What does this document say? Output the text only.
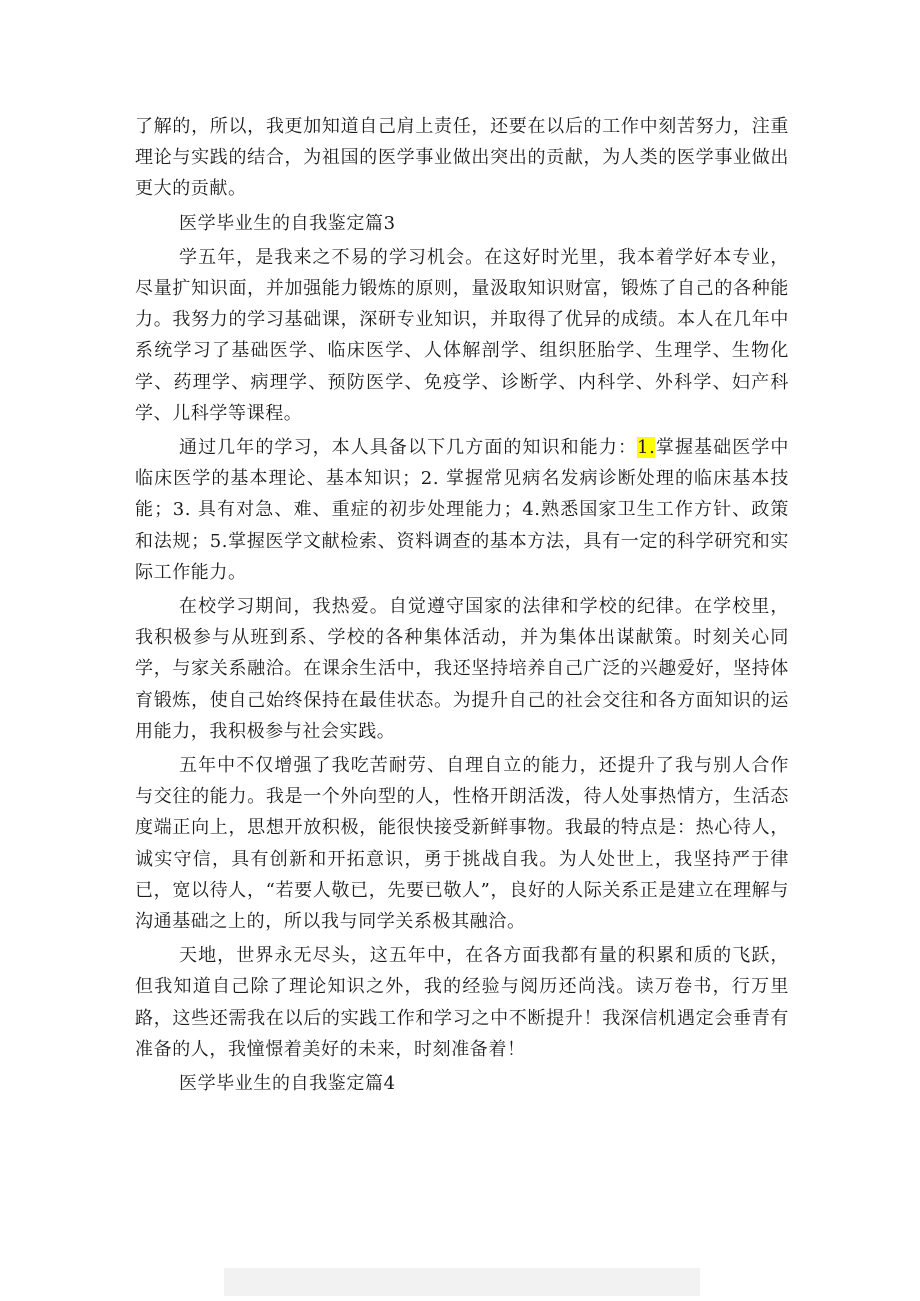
了解的，所以，我更加知道自己肩上责任，还要在以后的工作中刻苦努力，注重理论与实践的结合，为祖国的医学事业做出突出的贡献，为人类的医学事业做出更大的贡献。

医学毕业生的自我鉴定篇3

学五年，是我来之不易的学习机会。在这好时光里，我本着学好本专业，尽量扩知识面，并加强能力锻炼的原则，量汲取知识财富，锻炼了自己的各种能力。我努力的学习基础课，深研专业知识，并取得了优异的成绩。本人在几年中系统学习了基础医学、临床医学、人体解剖学、组织胚胎学、生理学、生物化学、药理学、病理学、预防医学、免疫学、诊断学、内科学、外科学、妇产科学、儿科学等课程。

通过几年的学习，本人具备以下几方面的知识和能力：1.掌握基础医学中临床医学的基本理论、基本知识；2. 掌握常见病名发病诊断处理的临床基本技能；3. 具有对急、难、重症的初步处理能力；4.熟悉国家卫生工作方针、政策和法规；5.掌握医学文献检索、资料调查的基本方法，具有一定的科学研究和实际工作能力。

在校学习期间，我热爱。自觉遵守国家的法律和学校的纪律。在学校里，我积极参与从班到系、学校的各种集体活动，并为集体出谋献策。时刻关心同学，与家关系融洽。在课余生活中，我还坚持培养自己广泛的兴趣爱好，坚持体育锻炼，使自己始终保持在最佳状态。为提升自己的社会交往和各方面知识的运用能力，我积极参与社会实践。

五年中不仅增强了我吃苦耐劳、自理自立的能力，还提升了我与别人合作与交往的能力。我是一个外向型的人，性格开朗活泼，待人处事热情方，生活态度端正向上，思想开放积极，能很快接受新鲜事物。我最的特点是：热心待人，诚实守信，具有创新和开拓意识，勇于挑战自我。为人处世上，我坚持严于律已，宽以待人，“若要人敬已，先要已敬人”，良好的人际关系正是建立在理解与沟通基础之上的，所以我与同学关系极其融洽。

天地，世界永无尽头，这五年中，在各方面我都有量的积累和质的飞跃，但我知道自己除了理论知识之外，我的经验与阅历还尚浅。读万卷书，行万里路，这些还需我在以后的实践工作和学习之中不断提升！我深信机遇定会垂青有准备的人，我憧憬着美好的未来，时刻准备着！

医学毕业生的自我鉴定篇4
